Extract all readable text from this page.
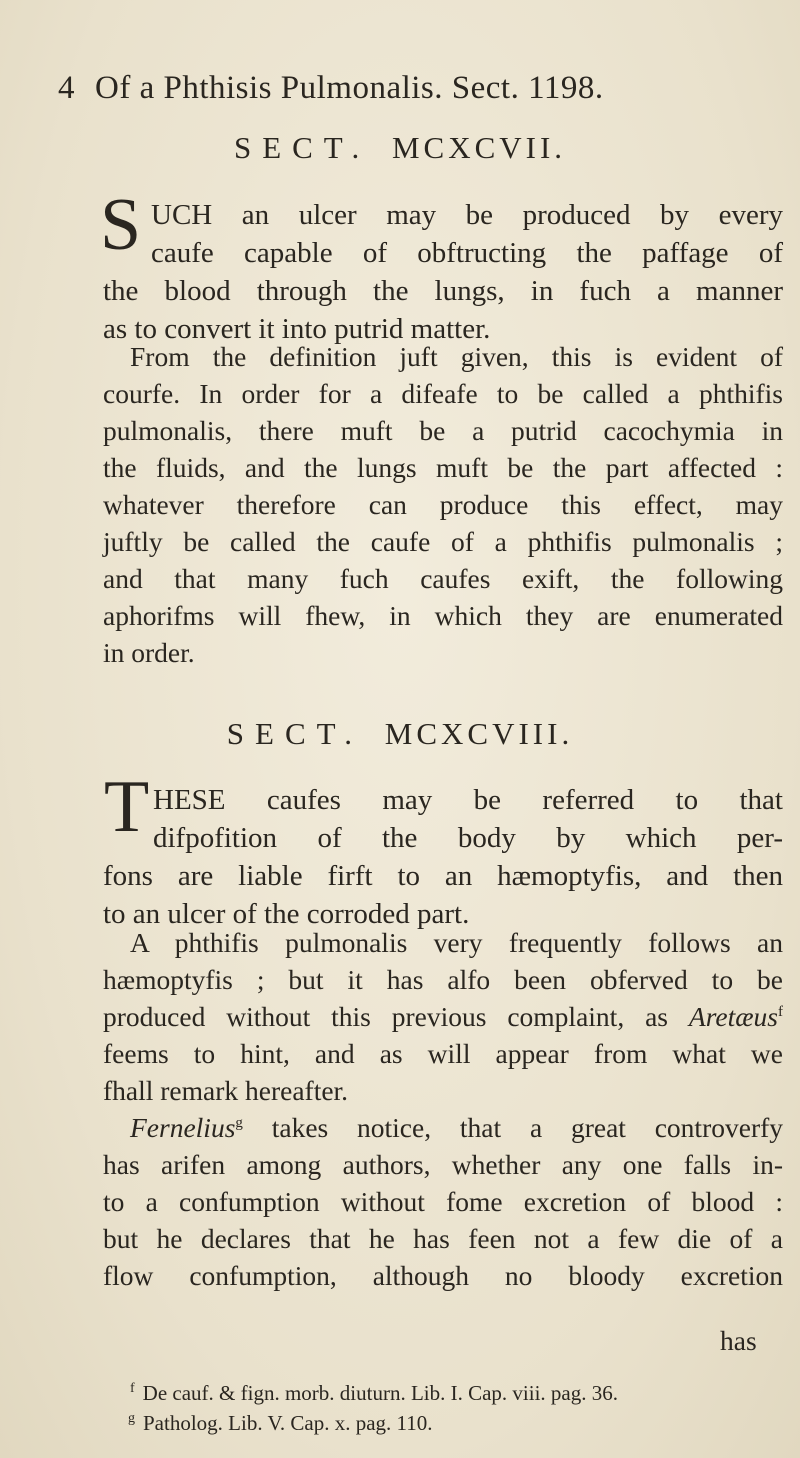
4 Of a Phthisis Pulmonalis. Sect. 1198.
SECT. MCXCVII.
S UCH an ulcer may be produced by every
caufe capable of obftructing the paffage of
the blood through the lungs, in fuch a manner
as to convert it into putrid matter.
From the definition juft given, this is evident of
courfe. In order for a difeafe to be called a phthifis
pulmonalis, there muft be a putrid cacochymia in
the fluids, and the lungs muft be the part affected :
whatever therefore can produce this effect, may
juftly be called the caufe of a phthifis pulmonalis ;
and that many fuch caufes exift, the following
aphorifms will fhew, in which they are enumerated
in order.
SECT. MCXCVIII.
T HESE caufes may be referred to that
difpofition of the body by which per-
fons are liable firft to an hæmoptyfis, and then
to an ulcer of the corroded part.
A phthifis pulmonalis very frequently follows an
hæmoptyfis ; but it has alfo been obferved to be
produced without this previous complaint, as Aretæus$^f$
feems to hint, and as will appear from what we
fhall remark hereafter.
Fernelius$^g$ takes notice, that a great controverfy
has arifen among authors, whether any one falls in-
to a confumption without fome excretion of blood :
but he declares that he has feen not a few die of a
flow confumption, although no bloody excretion
has
$^f$ De cauf. & fign. morb. diuturn. Lib. I. Cap. viii. pag. 36.
$^g$ Patholog. Lib. V. Cap. x. pag. 110.
